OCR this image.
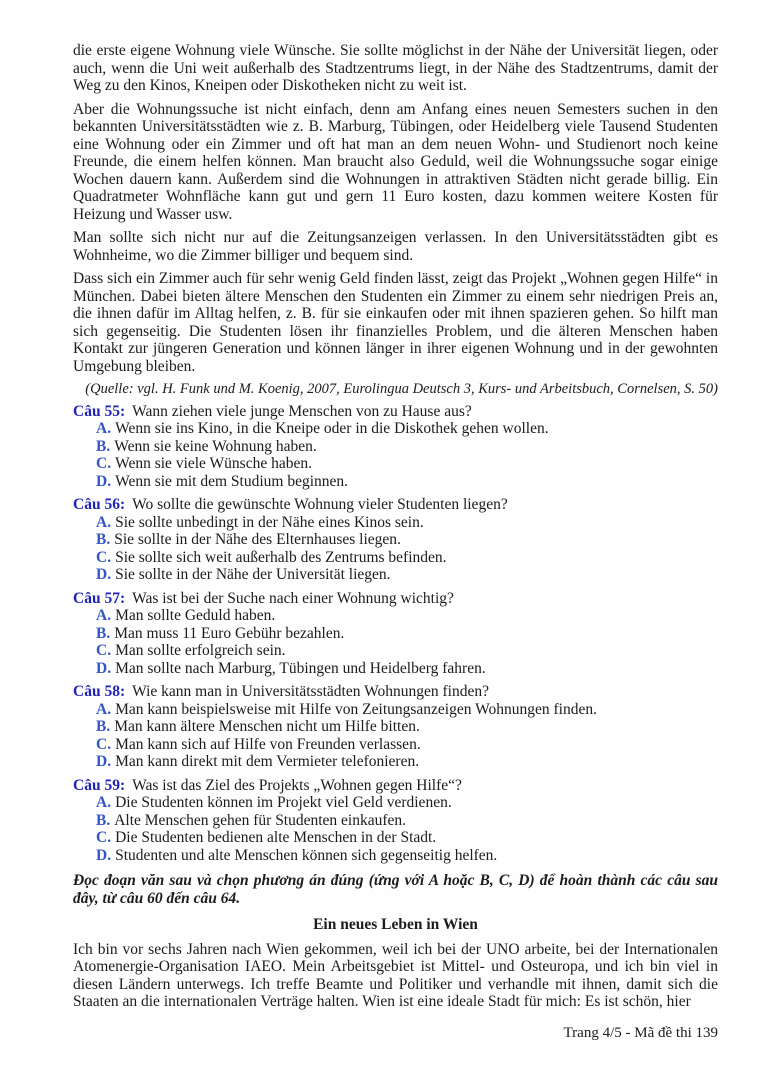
die erste eigene Wohnung viele Wünsche. Sie sollte möglichst in der Nähe der Universität liegen, oder auch, wenn die Uni weit außerhalb des Stadtzentrums liegt, in der Nähe des Stadtzentrums, damit der Weg zu den Kinos, Kneipen oder Diskotheken nicht zu weit ist.
Aber die Wohnungssuche ist nicht einfach, denn am Anfang eines neuen Semesters suchen in den bekannten Universitätsstädten wie z. B. Marburg, Tübingen, oder Heidelberg viele Tausend Studenten eine Wohnung oder ein Zimmer und oft hat man an dem neuen Wohn- und Studienort noch keine Freunde, die einem helfen können. Man braucht also Geduld, weil die Wohnungssuche sogar einige Wochen dauern kann. Außerdem sind die Wohnungen in attraktiven Städten nicht gerade billig. Ein Quadratmeter Wohnfläche kann gut und gern 11 Euro kosten, dazu kommen weitere Kosten für Heizung und Wasser usw.
Man sollte sich nicht nur auf die Zeitungsanzeigen verlassen. In den Universitätsstädten gibt es Wohnheime, wo die Zimmer billiger und bequem sind.
Dass sich ein Zimmer auch für sehr wenig Geld finden lässt, zeigt das Projekt „Wohnen gegen Hilfe“ in München. Dabei bieten ältere Menschen den Studenten ein Zimmer zu einem sehr niedrigen Preis an, die ihnen dafür im Alltag helfen, z. B. für sie einkaufen oder mit ihnen spazieren gehen. So hilft man sich gegenseitig. Die Studenten lösen ihr finanzielles Problem, und die älteren Menschen haben Kontakt zur jüngeren Generation und können länger in ihrer eigenen Wohnung und in der gewohnten Umgebung bleiben.
(Quelle: vgl. H. Funk und M. Koenig, 2007, Eurolingua Deutsch 3, Kurs- und Arbeitsbuch, Cornelsen, S. 50)
Câu 55: Wann ziehen viele junge Menschen von zu Hause aus?
A. Wenn sie ins Kino, in die Kneipe oder in die Diskothek gehen wollen.
B. Wenn sie keine Wohnung haben.
C. Wenn sie viele Wünsche haben.
D. Wenn sie mit dem Studium beginnen.
Câu 56: Wo sollte die gewünschte Wohnung vieler Studenten liegen?
A. Sie sollte unbedingt in der Nähe eines Kinos sein.
B. Sie sollte in der Nähe des Elternhauses liegen.
C. Sie sollte sich weit außerhalb des Zentrums befinden.
D. Sie sollte in der Nähe der Universität liegen.
Câu 57: Was ist bei der Suche nach einer Wohnung wichtig?
A. Man sollte Geduld haben.
B. Man muss 11 Euro Gebühr bezahlen.
C. Man sollte erfolgreich sein.
D. Man sollte nach Marburg, Tübingen und Heidelberg fahren.
Câu 58: Wie kann man in Universitätsstädten Wohnungen finden?
A. Man kann beispielsweise mit Hilfe von Zeitungsanzeigen Wohnungen finden.
B. Man kann ältere Menschen nicht um Hilfe bitten.
C. Man kann sich auf Hilfe von Freunden verlassen.
D. Man kann direkt mit dem Vermieter telefonieren.
Câu 59: Was ist das Ziel des Projekts „Wohnen gegen Hilfe“?
A. Die Studenten können im Projekt viel Geld verdienen.
B. Alte Menschen gehen für Studenten einkaufen.
C. Die Studenten bedienen alte Menschen in der Stadt.
D. Studenten und alte Menschen können sich gegenseitig helfen.
Đọc đoạn văn sau và chọn phương án đúng (ứng với A hoặc B, C, D) để hoàn thành các câu sau đây, từ câu 60 đến câu 64.
Ein neues Leben in Wien
Ich bin vor sechs Jahren nach Wien gekommen, weil ich bei der UNO arbeite, bei der Internationalen Atomenergie-Organisation IAEO. Mein Arbeitsgebiet ist Mittel- und Osteuropa, und ich bin viel in diesen Ländern unterwegs. Ich treffe Beamte und Politiker und verhandle mit ihnen, damit sich die Staaten an die internationalen Verträge halten. Wien ist eine ideale Stadt für mich: Es ist schön, hier
Trang 4/5 - Mã đề thi 139
